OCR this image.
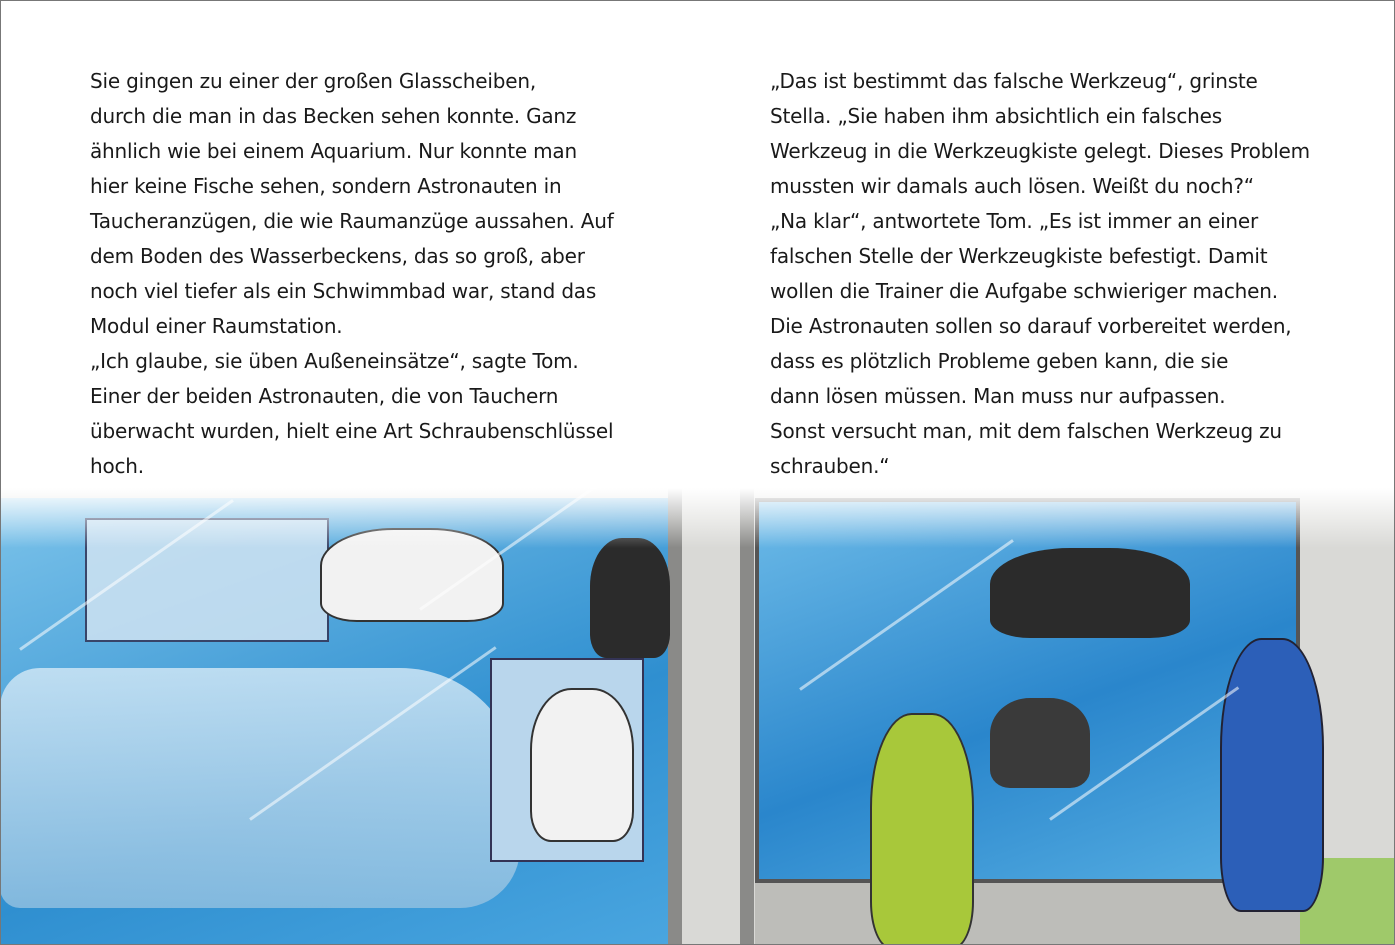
Sie gingen zu einer der großen Glasscheiben,
durch die man in das Becken sehen konnte. Ganz
ähnlich wie bei einem Aquarium. Nur konnte man
hier keine Fische sehen, sondern Astronauten in
Taucheranzügen, die wie Raumanzüge aussahen. Auf
dem Boden des Wasserbeckens, das so groß, aber
noch viel tiefer als ein Schwimmbad war, stand das
Modul einer Raumstation.
„Ich glaube, sie üben Außeneinsätze“, sagte Tom.
Einer der beiden Astronauten, die von Tauchern
überwacht wurden, hielt eine Art Schraubenschlüssel
hoch.
„Das ist bestimmt das falsche Werkzeug“, grinste
Stella. „Sie haben ihm absichtlich ein falsches
Werkzeug in die Werkzeugkiste gelegt. Dieses Problem
mussten wir damals auch lösen. Weißt du noch?“
„Na klar“, antwortete Tom. „Es ist immer an einer
falschen Stelle der Werkzeugkiste befestigt. Damit
wollen die Trainer die Aufgabe schwieriger machen.
Die Astronauten sollen so darauf vorbereitet werden,
dass es plötzlich Probleme geben kann, die sie
dann lösen müssen. Man muss nur aufpassen.
Sonst versucht man, mit dem falschen Werkzeug zu
schrauben.“
